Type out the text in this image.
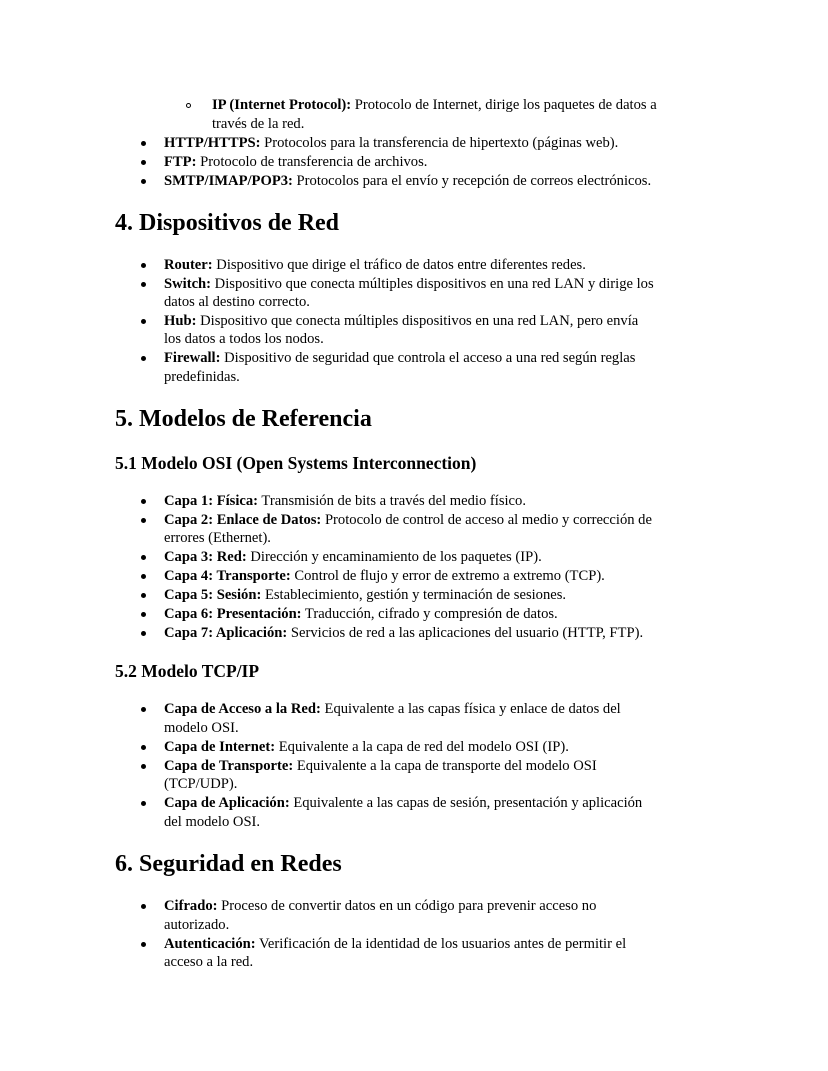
IP (Internet Protocol): Protocolo de Internet, dirige los paquetes de datos a
través de la red.
HTTP/HTTPS: Protocolos para la transferencia de hipertexto (páginas web).
FTP: Protocolo de transferencia de archivos.
SMTP/IMAP/POP3: Protocolos para el envío y recepción de correos electrónicos.
4. Dispositivos de Red
Router: Dispositivo que dirige el tráfico de datos entre diferentes redes.
Switch: Dispositivo que conecta múltiples dispositivos en una red LAN y dirige los
datos al destino correcto.
Hub: Dispositivo que conecta múltiples dispositivos en una red LAN, pero envía
los datos a todos los nodos.
Firewall: Dispositivo de seguridad que controla el acceso a una red según reglas
predefinidas.
5. Modelos de Referencia
5.1 Modelo OSI (Open Systems Interconnection)
Capa 1: Física: Transmisión de bits a través del medio físico.
Capa 2: Enlace de Datos: Protocolo de control de acceso al medio y corrección de
errores (Ethernet).
Capa 3: Red: Dirección y encaminamiento de los paquetes (IP).
Capa 4: Transporte: Control de flujo y error de extremo a extremo (TCP).
Capa 5: Sesión: Establecimiento, gestión y terminación de sesiones.
Capa 6: Presentación: Traducción, cifrado y compresión de datos.
Capa 7: Aplicación: Servicios de red a las aplicaciones del usuario (HTTP, FTP).
5.2 Modelo TCP/IP
Capa de Acceso a la Red: Equivalente a las capas física y enlace de datos del
modelo OSI.
Capa de Internet: Equivalente a la capa de red del modelo OSI (IP).
Capa de Transporte: Equivalente a la capa de transporte del modelo OSI
(TCP/UDP).
Capa de Aplicación: Equivalente a las capas de sesión, presentación y aplicación
del modelo OSI.
6. Seguridad en Redes
Cifrado: Proceso de convertir datos en un código para prevenir acceso no
autorizado.
Autenticación: Verificación de la identidad de los usuarios antes de permitir el
acceso a la red.
